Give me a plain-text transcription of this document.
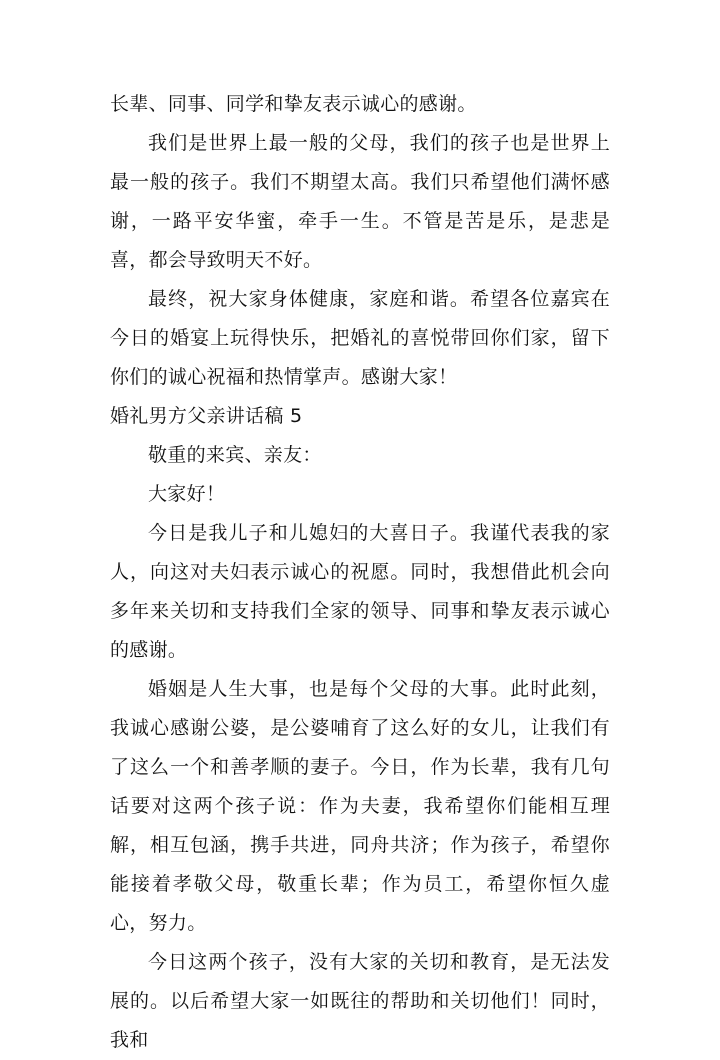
长辈、同事、同学和挚友表示诚心的感谢。

我们是世界上最一般的父母，我们的孩子也是世界上最一般的孩子。我们不期望太高。我们只希望他们满怀感谢，一路平安华蜜，牵手一生。不管是苦是乐，是悲是喜，都会导致明天不好。

最终，祝大家身体健康，家庭和谐。希望各位嘉宾在今日的婚宴上玩得快乐，把婚礼的喜悦带回你们家，留下你们的诚心祝福和热情掌声。感谢大家！

婚礼男方父亲讲话稿 5

敬重的来宾、亲友：

大家好！

今日是我儿子和儿媳妇的大喜日子。我谨代表我的家人，向这对夫妇表示诚心的祝愿。同时，我想借此机会向多年来关切和支持我们全家的领导、同事和挚友表示诚心的感谢。

婚姻是人生大事，也是每个父母的大事。此时此刻，我诚心感谢公婆，是公婆哺育了这么好的女儿，让我们有了这么一个和善孝顺的妻子。今日，作为长辈，我有几句话要对这两个孩子说：作为夫妻，我希望你们能相互理解，相互包涵，携手共进，同舟共济；作为孩子，希望你能接着孝敬父母，敬重长辈；作为员工，希望你恒久虚心，努力。

今日这两个孩子，没有大家的关切和教育，是无法发展的。以后希望大家一如既往的帮助和关切他们！同时，我和
